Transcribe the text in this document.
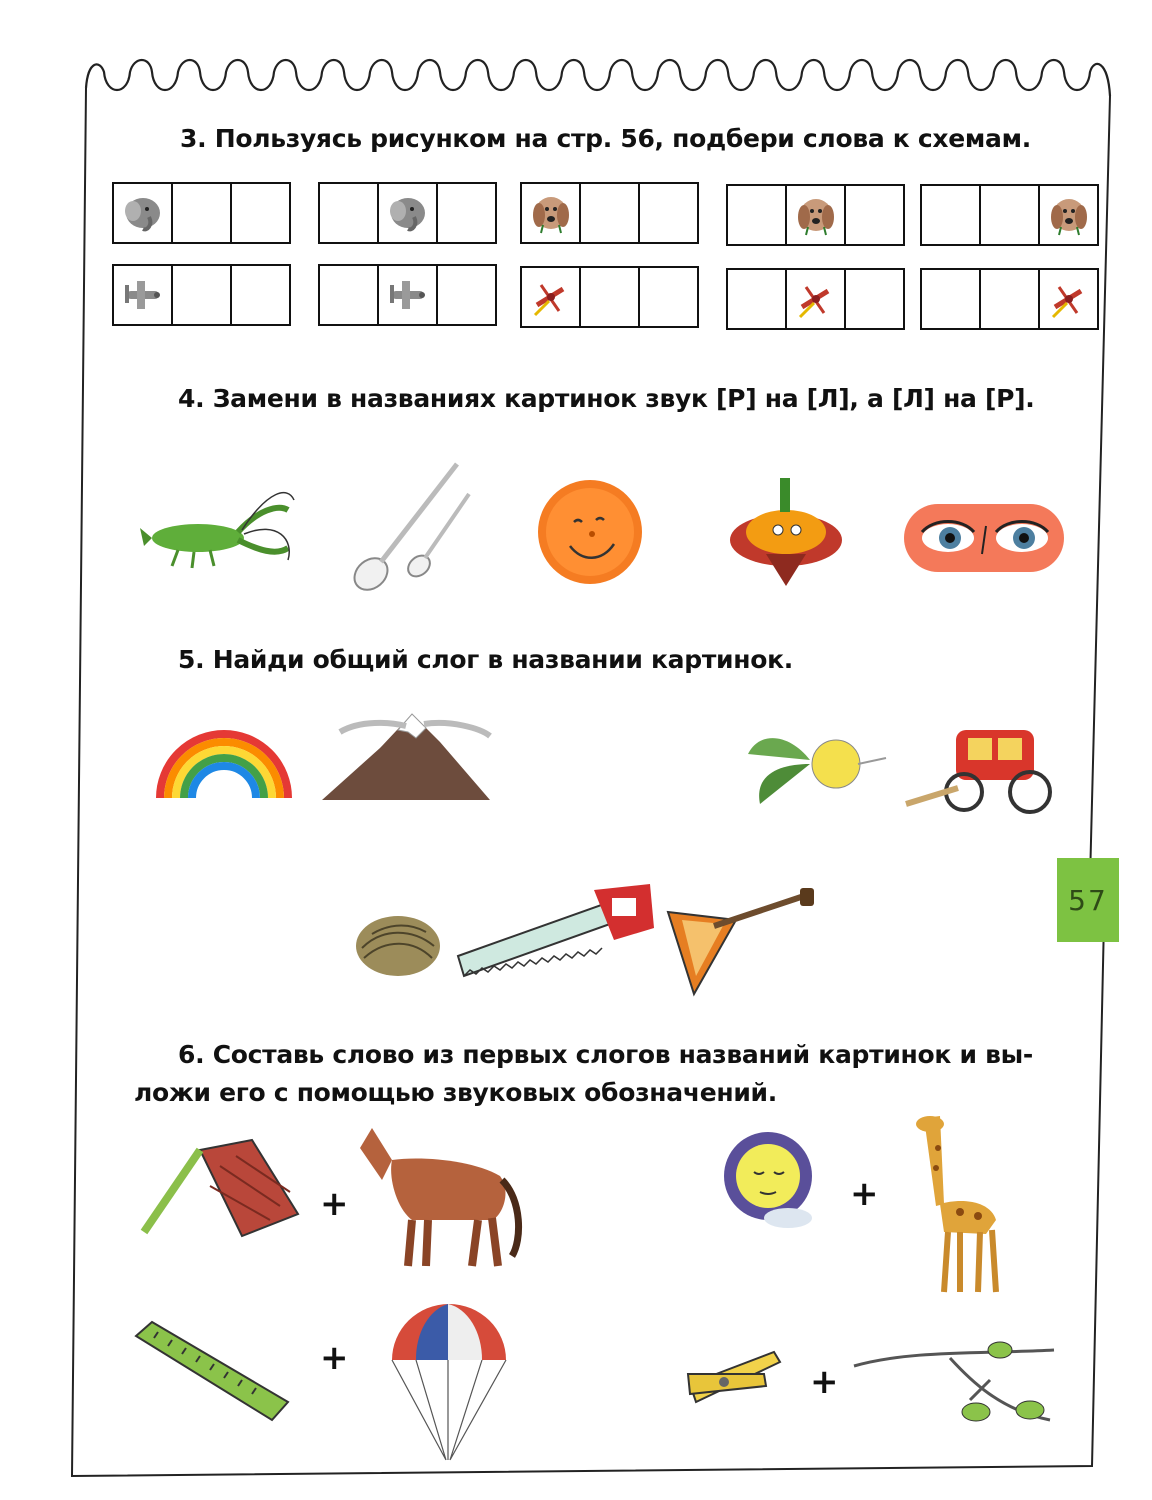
3. Пользуясь рисунком на стр. 56, подбери слова к схемам.
4. Замени в названиях картинок звук [Р] на [Л], а [Л] на [Р].
5. Найди общий слог в названии картинок.
6. Составь слово из первых слогов названий картинок и вы-
ложи его с помощью звуковых обозначений.
+	+
+
+
57
